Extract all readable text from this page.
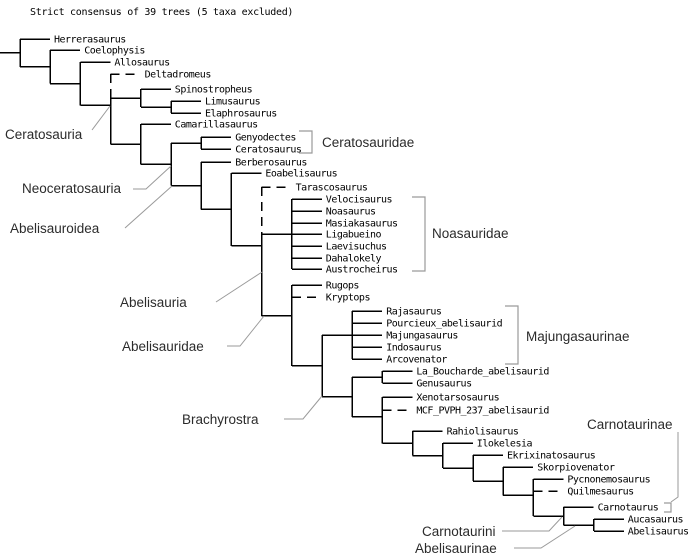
Strict consensus of 39 trees (5 taxa excluded)
Herrerasaurus
Coelophysis
Allosaurus
Deltadromeus
Spinostropheus
Limusaurus
Elaphrosaurus
Camarillasaurus
Genyodectes
Ceratosaurus
Berberosaurus
Eoabelisaurus
Tarascosaurus
Velocisaurus
Noasaurus
Masiakasaurus
Ligabueino
Laevisuchus
Dahalokely
Austrocheirus
Rugops
Kryptops
Rajasaurus
Pourcieux_abelisaurid
Majungasaurus
Indosaurus
Arcovenator
La_Boucharde_abelisaurid
Genusaurus
Xenotarsosaurus
MCF_PVPH_237_abelisaurid
Rahiolisaurus
Ilokelesia
Ekrixinatosaurus
Skorpiovenator
Pycnonemosaurus
Quilmesaurus
Carnotaurus
Aucasaurus
Abelisaurus
Ceratosauria
Neoceratosauria
Abelisauroidea
Abelisauria
Abelisauridae
Brachyrostra
Carnotaurini
Abelisaurinae
Carnotaurinae
Ceratosauridae
Noasauridae
Majungasaurinae
